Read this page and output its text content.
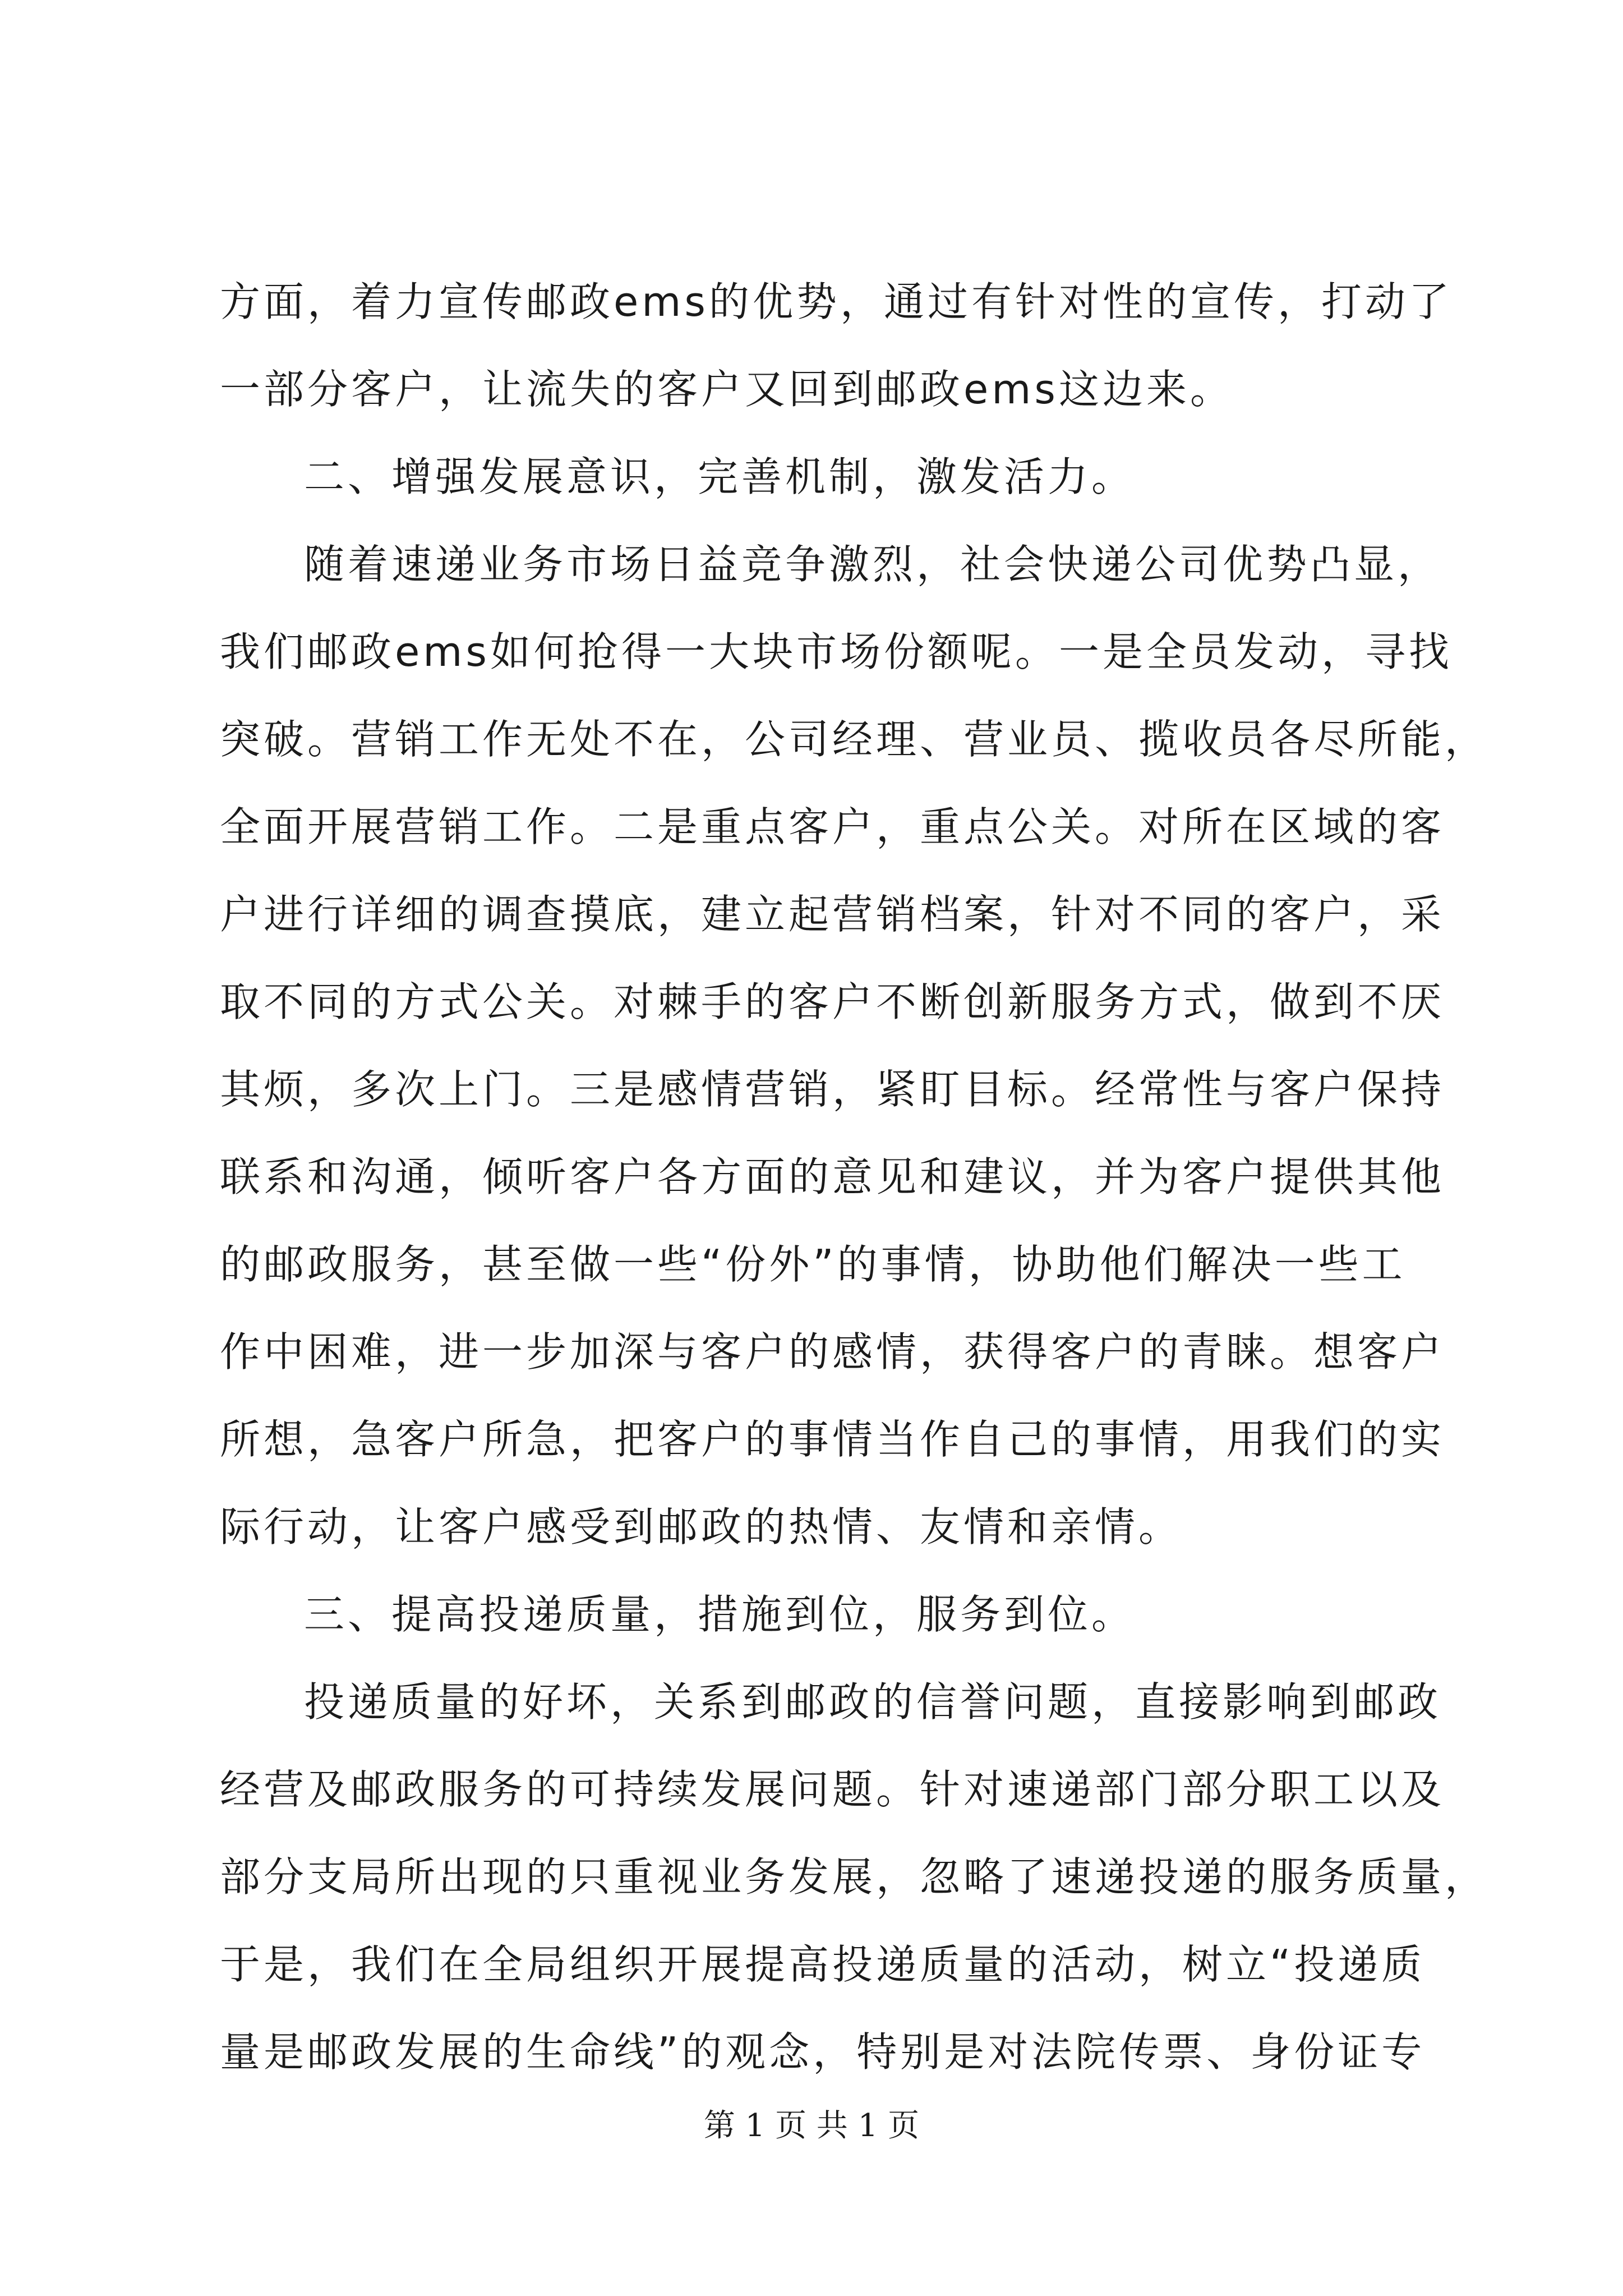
方面，着力宣传邮政ems的优势，通过有针对性的宣传，打动了
一部分客户，让流失的客户又回到邮政ems这边来。
二、增强发展意识，完善机制，激发活力。
随着速递业务市场日益竞争激烈，社会快递公司优势凸显，
我们邮政ems如何抢得一大块市场份额呢。一是全员发动，寻找
突破。营销工作无处不在，公司经理、营业员、揽收员各尽所能，
全面开展营销工作。二是重点客户，重点公关。对所在区域的客
户进行详细的调查摸底，建立起营销档案，针对不同的客户，采
取不同的方式公关。对棘手的客户不断创新服务方式，做到不厌
其烦，多次上门。三是感情营销，紧盯目标。经常性与客户保持
联系和沟通，倾听客户各方面的意见和建议，并为客户提供其他
的邮政服务，甚至做一些“份外”的事情，协助他们解决一些工
作中困难，进一步加深与客户的感情，获得客户的青睐。想客户
所想，急客户所急，把客户的事情当作自己的事情，用我们的实
际行动，让客户感受到邮政的热情、友情和亲情。
三、提高投递质量，措施到位，服务到位。
投递质量的好坏，关系到邮政的信誉问题，直接影响到邮政
经营及邮政服务的可持续发展问题。针对速递部门部分职工以及
部分支局所出现的只重视业务发展，忽略了速递投递的服务质量，
于是，我们在全局组织开展提高投递质量的活动，树立“投递质
量是邮政发展的生命线”的观念，特别是对法院传票、身份证专
第 1 页 共 1 页
